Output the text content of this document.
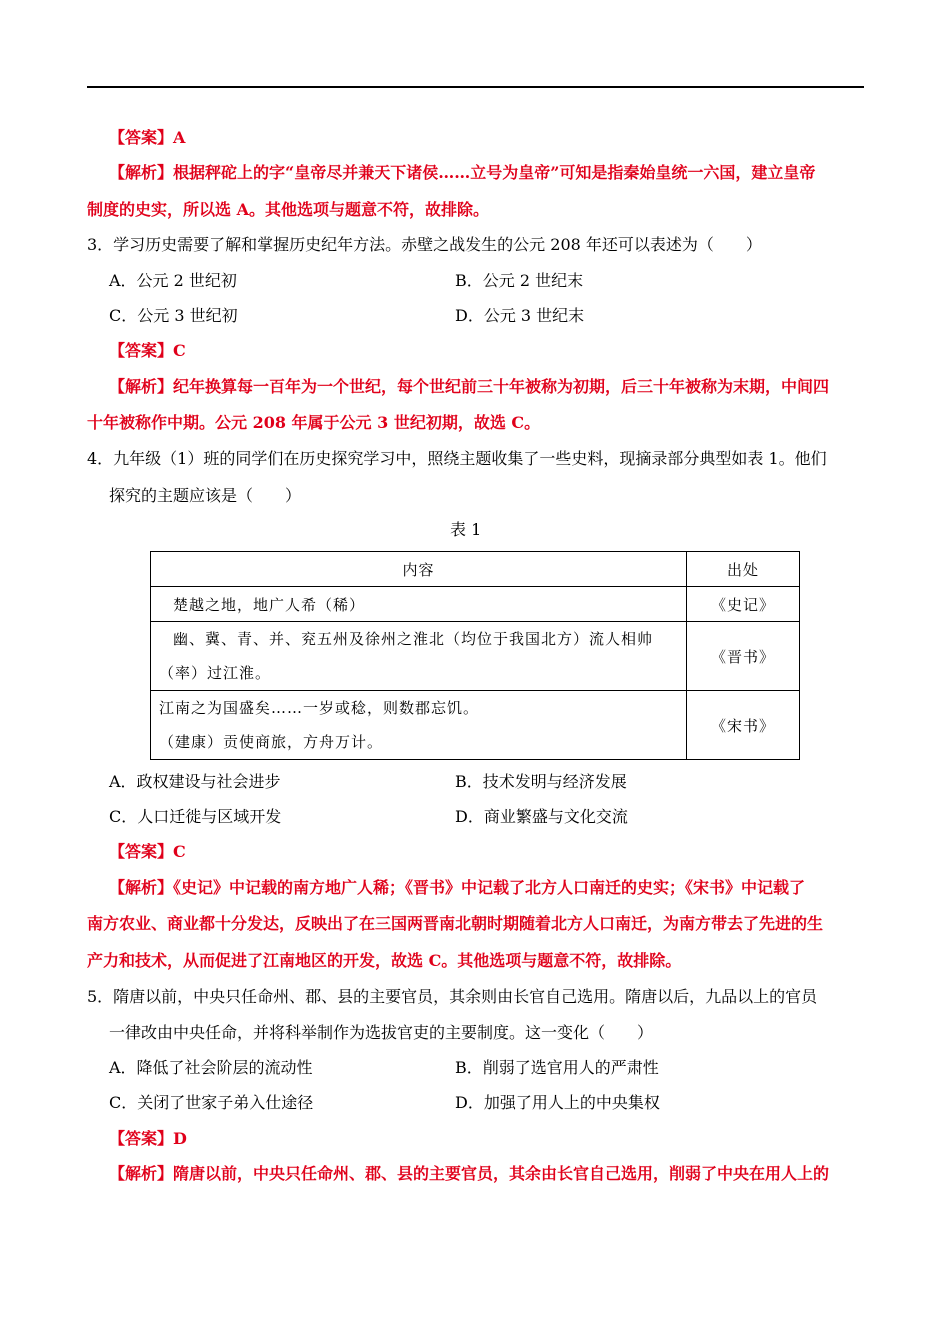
【答案】A
【解析】根据秤砣上的字“皇帝尽并兼天下诸侯……立号为皇帝”可知是指秦始皇统一六国，建立皇帝
制度的史实，所以选 A。其他选项与题意不符，故排除。
3．学习历史需要了解和掌握历史纪年方法。赤壁之战发生的公元 208 年还可以表述为（　　）
A．公元 2 世纪初	B．公元 2 世纪末
C．公元 3 世纪初	D．公元 3 世纪末
【答案】C
【解析】纪年换算每一百年为一个世纪，每个世纪前三十年被称为初期，后三十年被称为末期，中间四
十年被称作中期。公元 208 年属于公元 3 世纪初期，故选 C。
4．九年级（1）班的同学们在历史探究学习中，照绕主题收集了一些史料，现摘录部分典型如表 1。他们
探究的主题应该是（　　）
表 1
内容	出处

楚越之地，地广人希（稀）	《史记》

幽、冀、青、并、兖五州及徐州之淮北（均位于我国北方）流人相帅
（率）过江淮。	《晋书》

江南之为国盛矣……一岁或稔，则数郡忘饥。
（建康）贡使商旅，方舟万计。	《宋书》
A．政权建设与社会进步	B．技术发明与经济发展
C．人口迁徙与区域开发	D．商业繁盛与文化交流
【答案】C
【解析】《史记》中记载的南方地广人稀；《晋书》中记载了北方人口南迁的史实；《宋书》中记载了
南方农业、商业都十分发达，反映出了在三国两晋南北朝时期随着北方人口南迁，为南方带去了先进的生
产力和技术，从而促进了江南地区的开发，故选 C。其他选项与题意不符，故排除。
5．隋唐以前，中央只任命州、郡、县的主要官员，其余则由长官自己选用。隋唐以后，九品以上的官员
一律改由中央任命，并将科举制作为选拔官吏的主要制度。这一变化（　　）
A．降低了社会阶层的流动性	B．削弱了选官用人的严肃性
C．关闭了世家子弟入仕途径	D．加强了用人上的中央集权
【答案】D
【解析】隋唐以前，中央只任命州、郡、县的主要官员，其余由长官自己选用，削弱了中央在用人上的
